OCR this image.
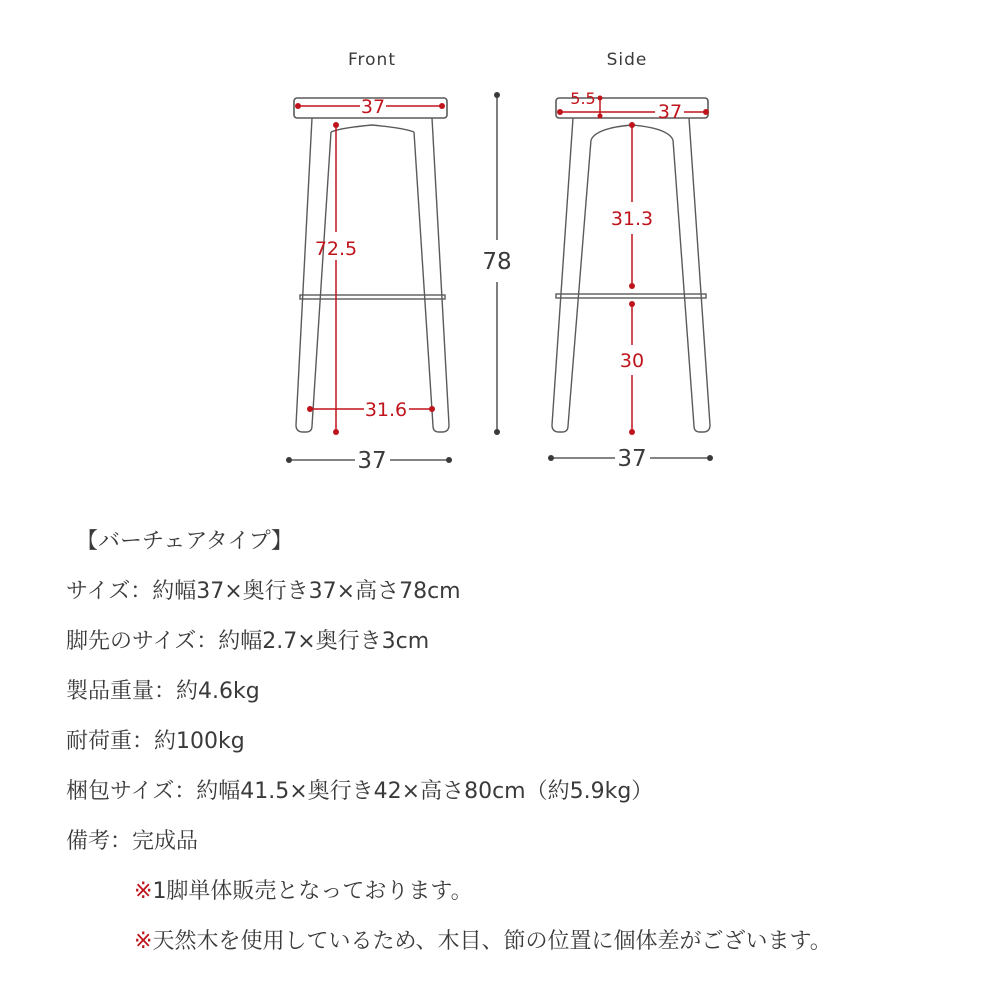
Front	Side
37
72.5
31.6
37
78
37
5.5
31.3
30
37
【バーチェアタイプ】
サイズ：約幅37×奥行き37×高さ78cm
脚先のサイズ：約幅2.7×奥行き3cm
製品重量：約4.6kg
耐荷重：約100kg
梱包サイズ：約幅41.5×奥行き42×高さ80cm（約5.9kg）
備考：完成品
※1脚単体販売となっております。
※天然木を使用しているため、木目、節の位置に個体差がございます。
